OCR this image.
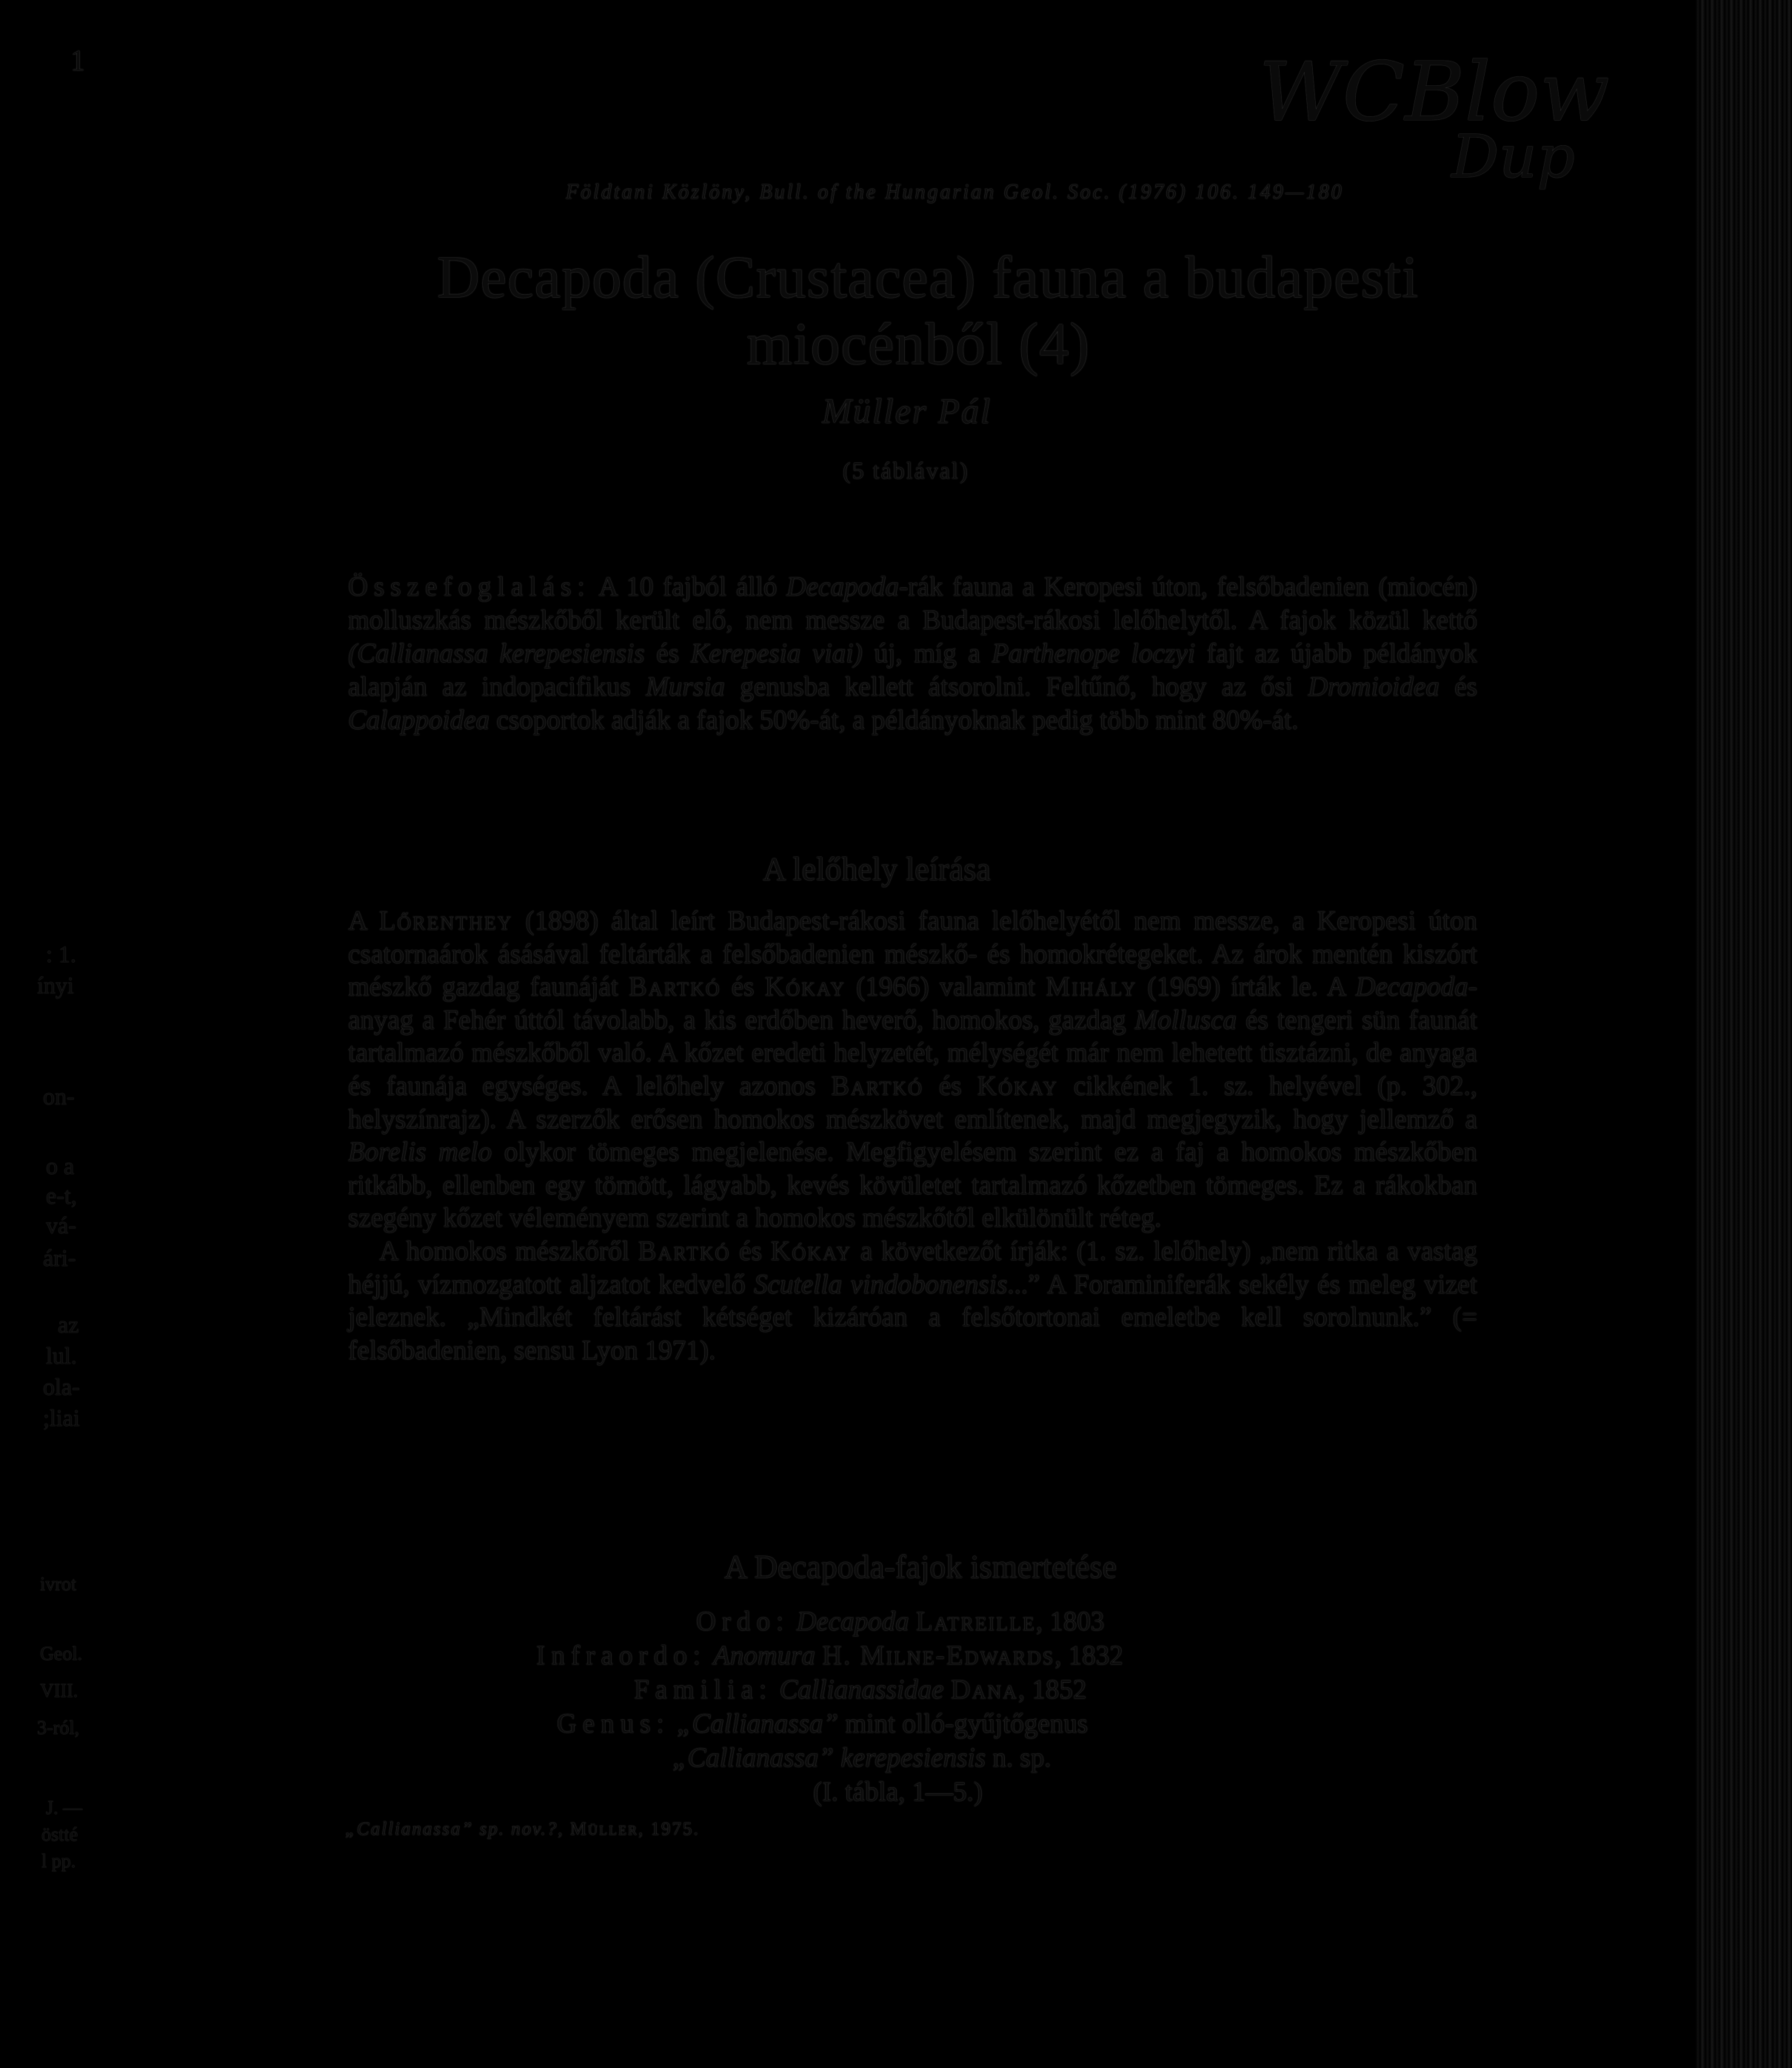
1
Földtani Közlöny, Bull. of the Hungarian Geol. Soc. (1976) 106. 149—180
WCBlow
Dup
Decapoda (Crustacea) fauna a budapesti
miocénből (4)
Müller Pál
(5 táblával)
Összefoglalás: A 10 fajból álló Decapoda-rák fauna a Keropesi úton, felsőbadenien (miocén) molluszkás mészkőből került elő, nem messze a Budapest-rákosi lelőhelytől. A fajok közül kettő (Callianassa kerepesiensis és Kerepesia viai) új, míg a Parthenope loczyi fajt az újabb példányok alapján az indopacifikus Mursia genusba kellett átsorolni. Feltűnő, hogy az ősi Dromioidea és Calappoidea csoportok adják a fajok 50%-át, a példányoknak pedig több mint 80%-át.
A lelőhely leírása
A Lőrenthey (1898) által leírt Budapest-rákosi fauna lelőhelyétől nem messze, a Keropesi úton csatornaárok ásásával feltárták a felsőbadenien mészkő- és homokrétegeket. Az árok mentén kiszórt mészkő gazdag faunáját Bartkó és Kókay (1966) valamint Mihály (1969) írták le. A Decapoda-anyag a Fehér úttól távolabb, a kis erdőben heverő, homokos, gazdag Mollusca és tengeri sün faunát tartalmazó mészkőből való. A kőzet eredeti helyzetét, mélységét már nem lehetett tisztázni, de anyaga és faunája egységes. A lelőhely azonos Bartkó és Kókay cikkének 1. sz. helyével (p. 302., helyszínrajz). A szerzők erősen homokos mészkövet említenek, majd megjegyzik, hogy jellemző a Borelis melo olykor tömeges megjelenése. Megfigyelésem szerint ez a faj a homokos mészkőben ritkább, ellenben egy tömött, lágyabb, kevés kövületet tartalmazó kőzetben tömeges. Ez a rákokban szegény kőzet véleményem szerint a homokos mészkőtől elkülönült réteg.
A homokos mészkőről Bartkó és Kókay a következőt írják: (1. sz. lelőhely) „nem ritka a vastag héjjú, vízmozgatott aljzatot kedvelő Scutella vindobonensis...” A Foraminiferák sekély és meleg vizet jeleznek. „Mindkét feltárást kétséget kizáróan a felsőtortonai emeletbe kell sorolnunk.” (= felsőbadenien, sensu Lyon 1971).
A Decapoda-fajok ismertetése
Ordo: Decapoda Latreille, 1803
Infraordo: Anomura H. Milne-Edwards, 1832
Familia: Callianassidae Dana, 1852
Genus: „Callianassa” mint olló-gyűjtőgenus
„Callianassa” kerepesiensis n. sp.
(I. tábla, 1—5.)
„Callianassa” sp. nov.?, Müller, 1975.
: 1.
ínyi
on-
o a
e-t,
vá-
ári-
az
lul.
ola-
;liai
ivrot
Geol.
VIII.
3-ról,
J. —
östté
l pp.
